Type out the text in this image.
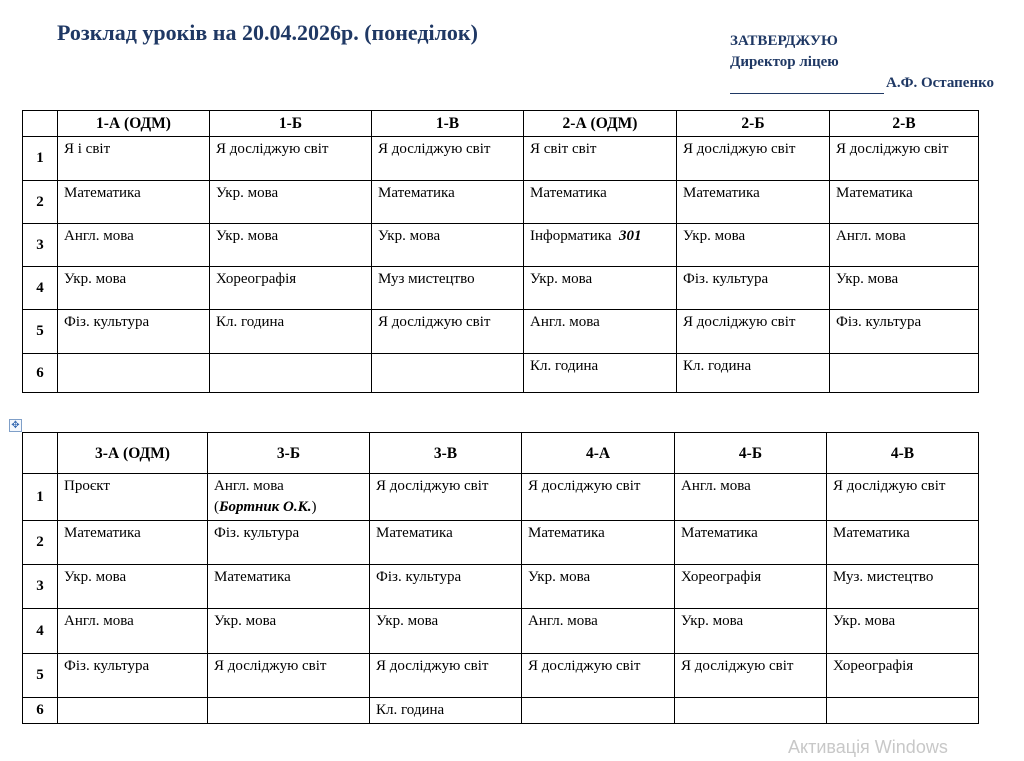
Розклад уроків на 20.04.2026р. (понеділок)	ЗАТВЕРДЖУЮ
Директор ліцею
А.Ф. Остапенко
	1-А (ОДМ)	1-Б	1-В	2-А (ОДМ)	2-Б	2-В
1	Я і світ	Я досліджую світ	Я досліджую світ	Я світ світ	Я досліджую світ	Я досліджую світ
2	Математика	Укр. мова	Математика	Математика	Математика	Математика
3	Англ. мова	Укр. мова	Укр. мова	Інформатика 301	Укр. мова	Англ. мова
4	Укр. мова	Хореографія	Муз мистецтво	Укр. мова	Фіз. культура	Укр. мова
5	Фіз. культура	Кл. година	Я досліджую світ	Англ. мова	Я досліджую світ	Фіз. культура
6				Кл. година	Кл. година	
✥
	3-А (ОДМ)	3-Б	3-В	4-А	4-Б	4-В
1	Проєкт	Англ. мова
(Бортник О.К.)	Я досліджую світ	Я досліджую світ	Англ. мова	Я досліджую світ
2	Математика	Фіз. культура	Математика	Математика	Математика	Математика
3	Укр. мова	Математика	Фіз. культура	Укр. мова	Хореографія	Муз. мистецтво
4	Англ. мова	Укр. мова	Укр. мова	Англ. мова	Укр. мова	Укр. мова
5	Фіз. культура	Я досліджую світ	Я досліджую світ	Я досліджую світ	Я досліджую світ	Хореографія
6			Кл. година			
Активація Windows
